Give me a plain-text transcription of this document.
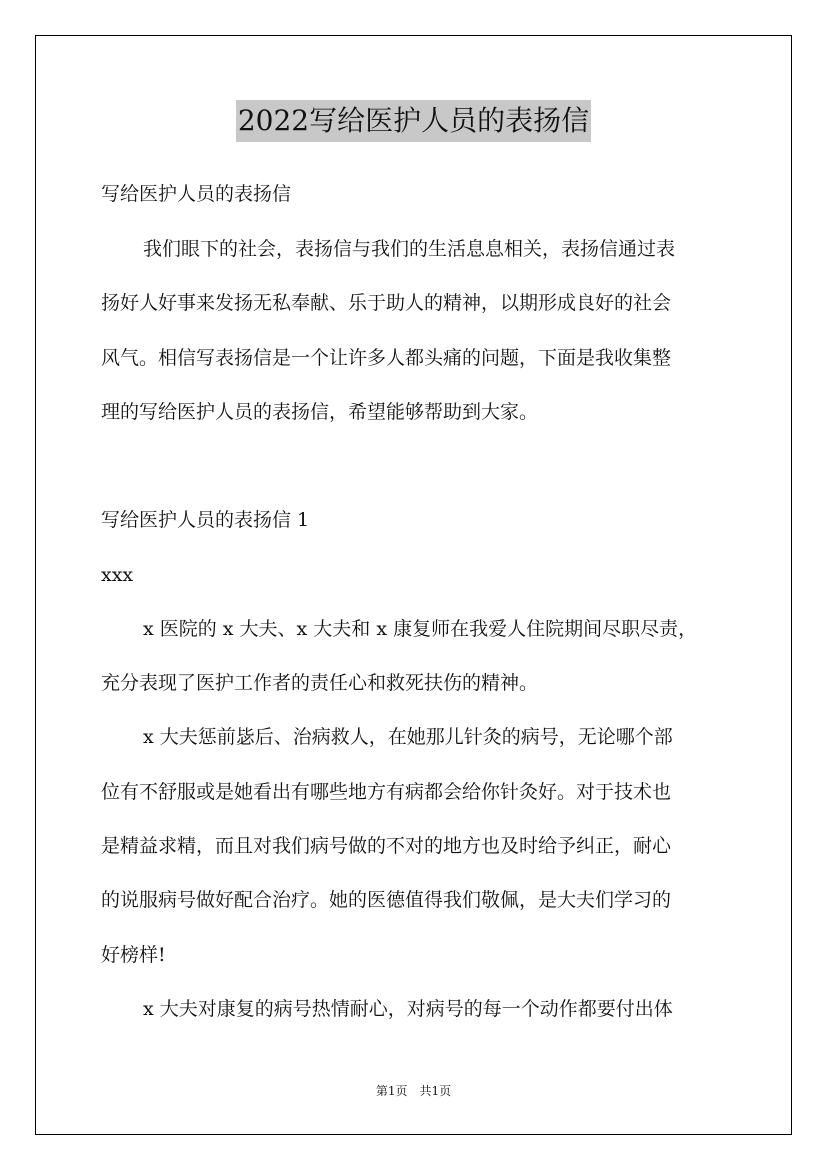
2022写给医护人员的表扬信
写给医护人员的表扬信
我们眼下的社会，表扬信与我们的生活息息相关，表扬信通过表
扬好人好事来发扬无私奉献、乐于助人的精神，以期形成良好的社会
风气。相信写表扬信是一个让许多人都头痛的问题，下面是我收集整
理的写给医护人员的表扬信，希望能够帮助到大家。
写给医护人员的表扬信 1
xxx
x 医院的 x 大夫、x 大夫和 x 康复师在我爱人住院期间尽职尽责，
充分表现了医护工作者的责任心和救死扶伤的精神。
x 大夫惩前毖后、治病救人，在她那儿针灸的病号，无论哪个部
位有不舒服或是她看出有哪些地方有病都会给你针灸好。对于技术也
是精益求精，而且对我们病号做的不对的地方也及时给予纠正，耐心
的说服病号做好配合治疗。她的医德值得我们敬佩，是大夫们学习的
好榜样!
x 大夫对康复的病号热情耐心，对病号的每一个动作都要付出体
第1页　共1页
